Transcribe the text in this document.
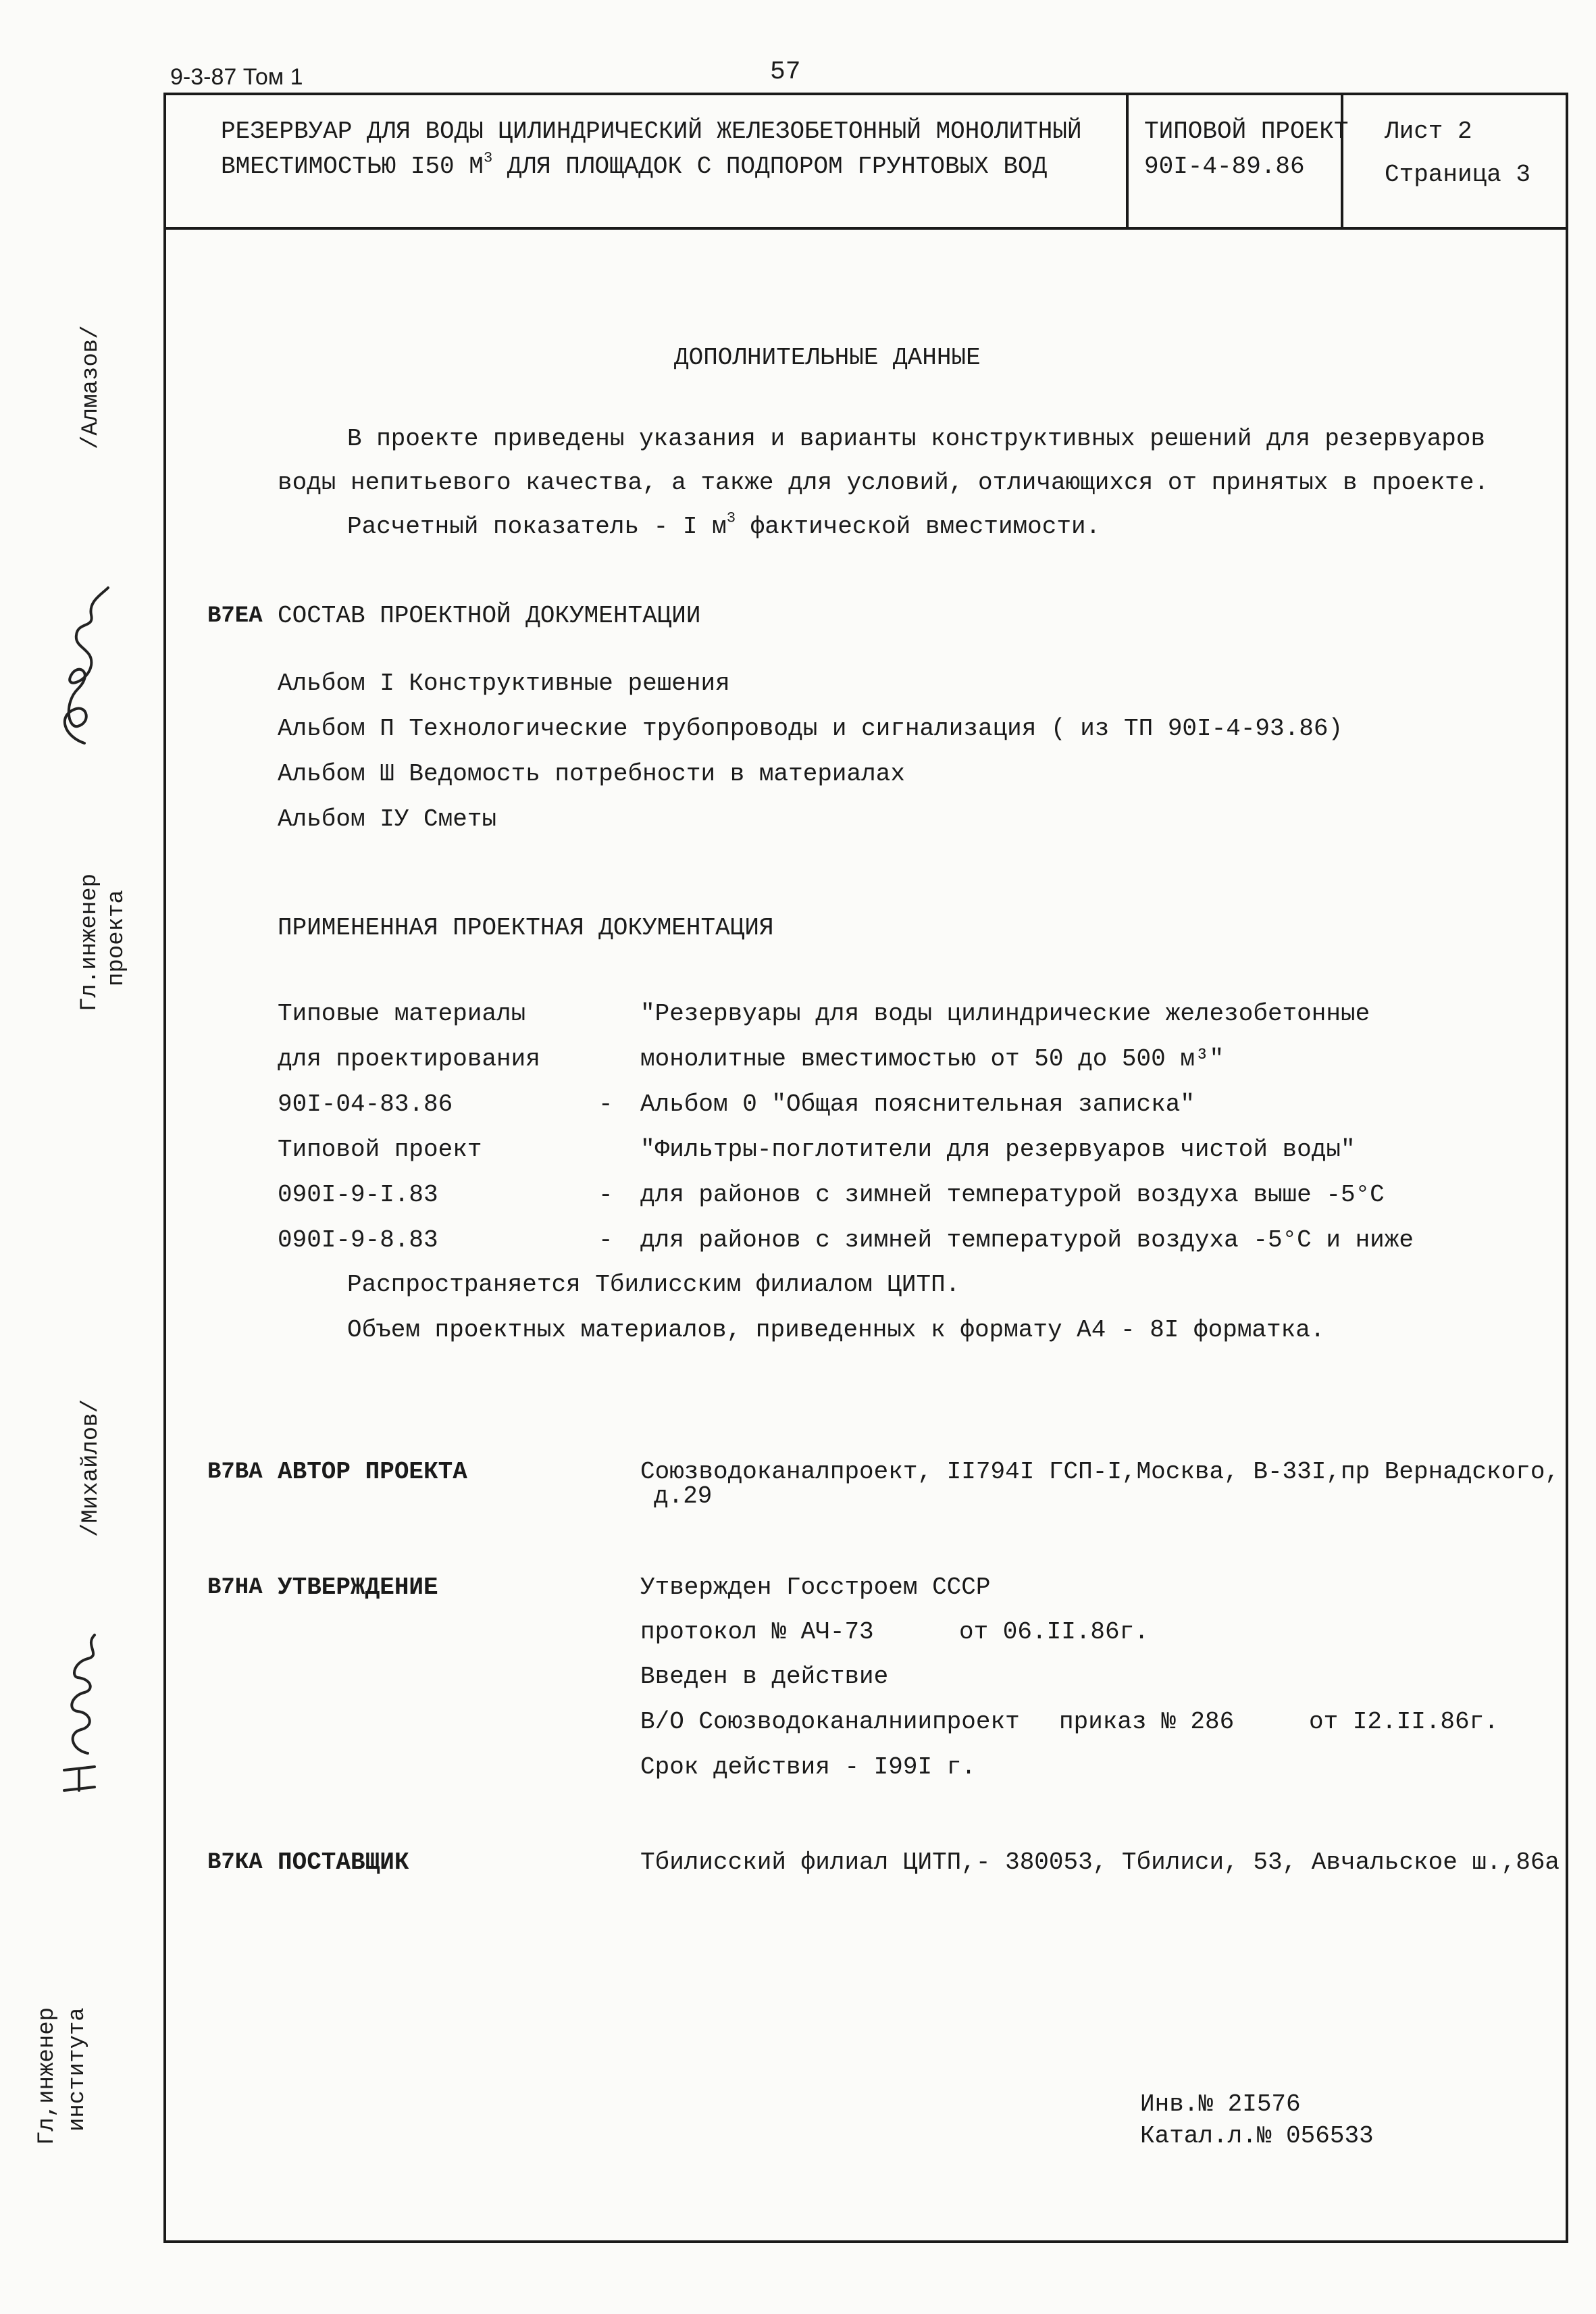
9-3-87 Том 1	57
РЕЗЕРВУАР ДЛЯ ВОДЫ ЦИЛИНДРИЧЕСКИЙ ЖЕЛЕЗОБЕТОННЫЙ МОНОЛИТНЫЙ
ВМЕСТИМОСТЬЮ I50 $М^3$ ДЛЯ ПЛОЩАДОК С ПОДПОРОМ ГРУНТОВЫХ ВОД
ТИПОВОЙ ПРОЕКТ
90I-4-89.86
Лист 2
Страница 3
/Алмазов/
Гл.инженер проекта
/Михайлов/
Гл,инженер института
ДОПОЛНИТЕЛЬНЫЕ ДАННЫЕ
В проекте приведены указания и варианты конструктивных решений для резервуаров
воды непитьевого качества, а также для условий, отличающихся от принятых в проекте.
Расчетный показатель - I $м^3$ фактической вместимости.
В7ЕА СОСТАВ ПРОЕКТНОЙ ДОКУМЕНТАЦИИ
Альбом I Конструктивные решения
Альбом П Технологические трубопроводы и сигнализация ( из ТП 90I-4-93.86)
Альбом Ш Ведомость потребности в материалах
Альбом IУ Сметы
ПРИМЕНЕННАЯ ПРОЕКТНАЯ ДОКУМЕНТАЦИЯ
Типовые материалы	"Резервуары для воды цилиндрические железобетонные
для проектирования	монолитные вместимостью от 50 до 500 м³"
90I-04-83.86	- Альбом 0 "Общая пояснительная записка"
Типовой проект	"Фильтры-поглотители для резервуаров чистой воды"
090I-9-I.83	- для районов с зимней температурой воздуха выше -5°С
090I-9-8.83	- для районов с зимней температурой воздуха -5°С и ниже
Распространяется Тбилисским филиалом ЦИТП.
Объем проектных материалов, приведенных к формату А4 - 8I форматка.
В7ВА АВТОР ПРОЕКТА	Союзводоканалпроект, II794I ГСП-I,Москва, В-33I,пр Вернадского,
д.29
В7НА УТВЕРЖДЕНИЕ	Утвержден Госстроем СССР
протокол № АЧ-73	от 06.II.86г.
Введен в действие
В/О Союзводоканалниипроект приказ № 286	от I2.II.86г.
Срок действия - I99I г.
В7КА ПОСТАВЩИК	Тбилисский филиал ЦИТП,- 380053, Тбилиси, 53, Авчальское ш.,86а
Инв.№ 2I576
Катал.л.№ 056533
